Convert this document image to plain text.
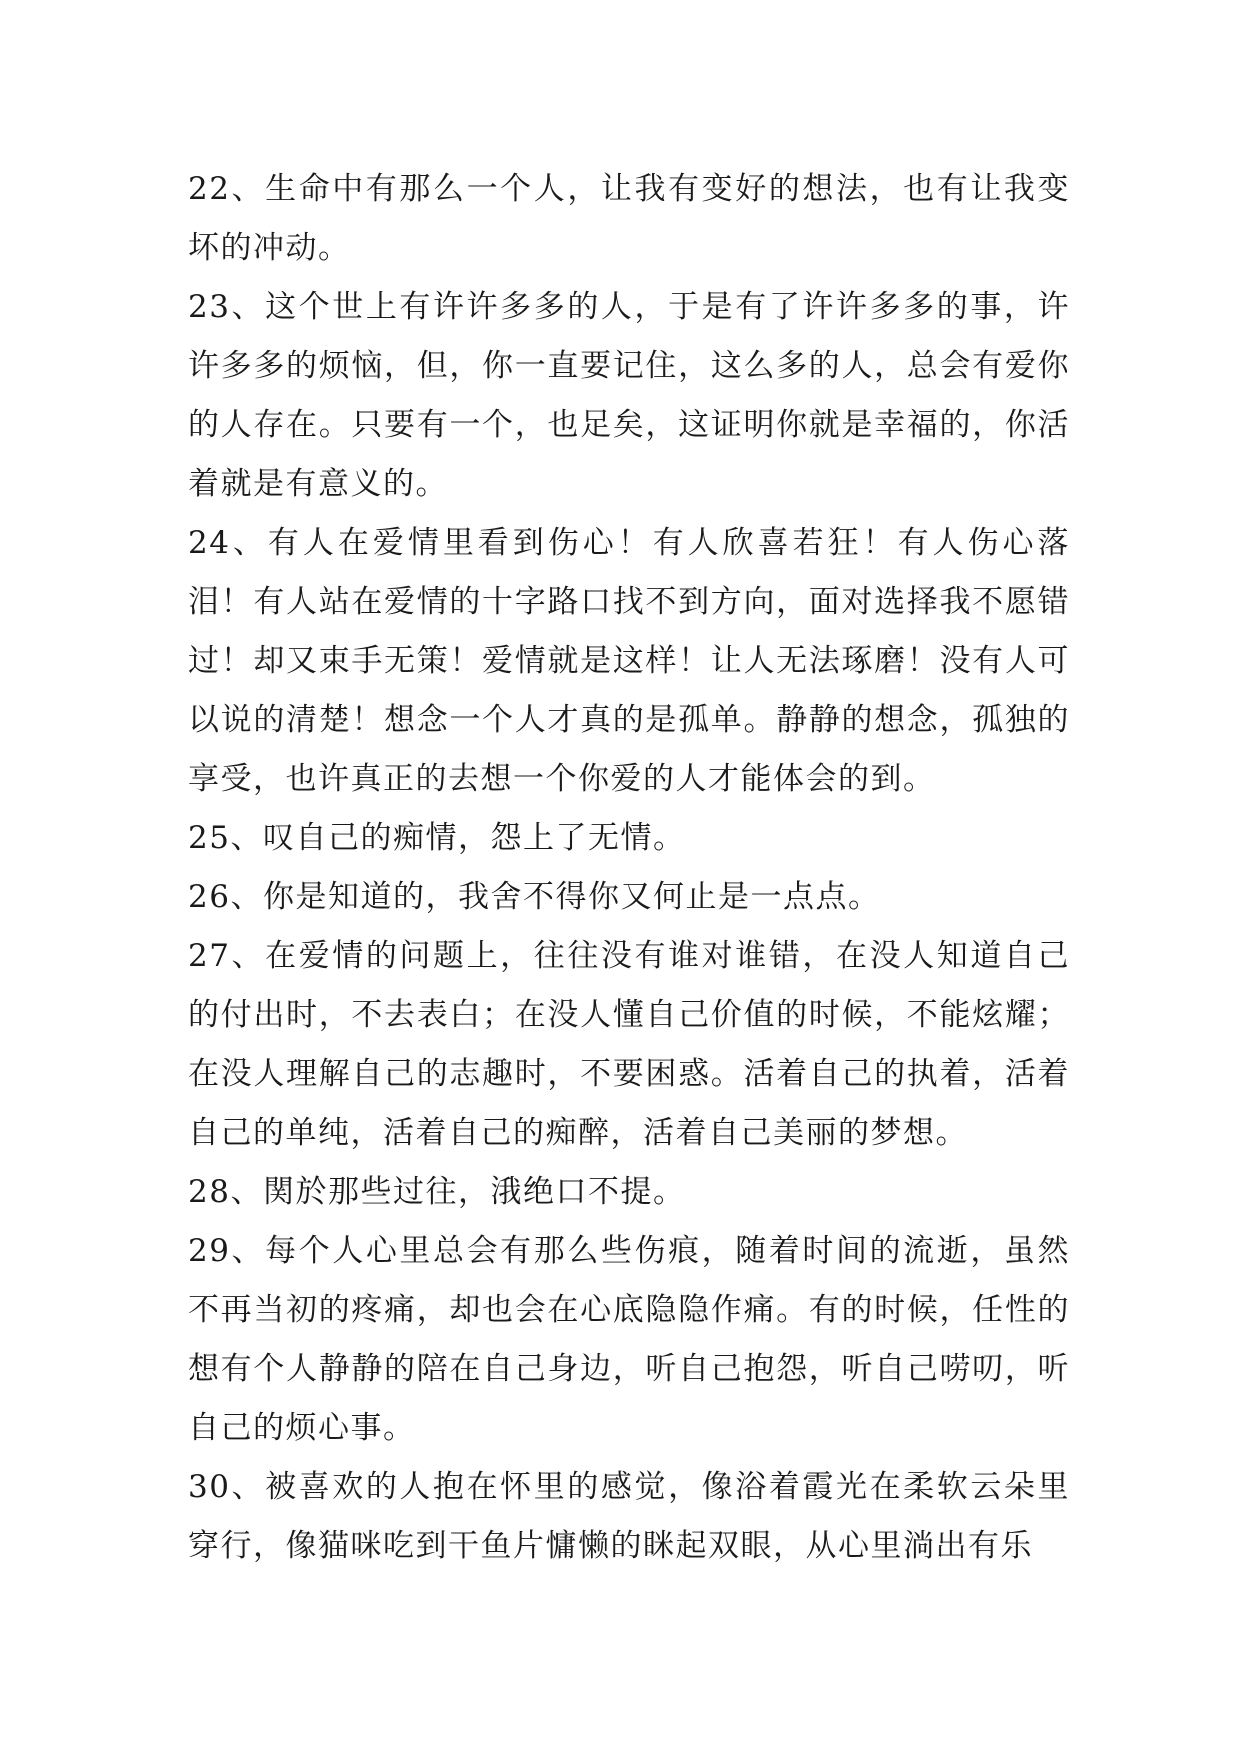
22、生命中有那么一个人，让我有变好的想法，也有让我变坏的冲动。

23、这个世上有许许多多的人，于是有了许许多多的事，许许多多的烦恼，但，你一直要记住，这么多的人，总会有爱你的人存在。只要有一个，也足矣，这证明你就是幸福的，你活着就是有意义的。

24、有人在爱情里看到伤心！有人欣喜若狂！有人伤心落泪！有人站在爱情的十字路口找不到方向，面对选择我不愿错过！却又束手无策！爱情就是这样！让人无法琢磨！没有人可以说的清楚！想念一个人才真的是孤单。静静的想念，孤独的享受，也许真正的去想一个你爱的人才能体会的到。

25、叹自己的痴情，怨上了无情。

26、你是知道的，我舍不得你又何止是一点点。

27、在爱情的问题上，往往没有谁对谁错，在没人知道自己的付出时，不去表白；在没人懂自己价值的时候，不能炫耀；在没人理解自己的志趣时，不要困惑。活着自己的执着，活着自己的单纯，活着自己的痴醉，活着自己美丽的梦想。

28、関於那些过往，涐绝口不提。

29、每个人心里总会有那么些伤痕，随着时间的流逝，虽然不再当初的疼痛，却也会在心底隐隐作痛。有的时候，任性的想有个人静静的陪在自己身边，听自己抱怨，听自己唠叨，听自己的烦心事。

30、被喜欢的人抱在怀里的感觉，像浴着霞光在柔软云朵里穿行，像猫咪吃到干鱼片慵懒的眯起双眼，从心里淌出有乐
